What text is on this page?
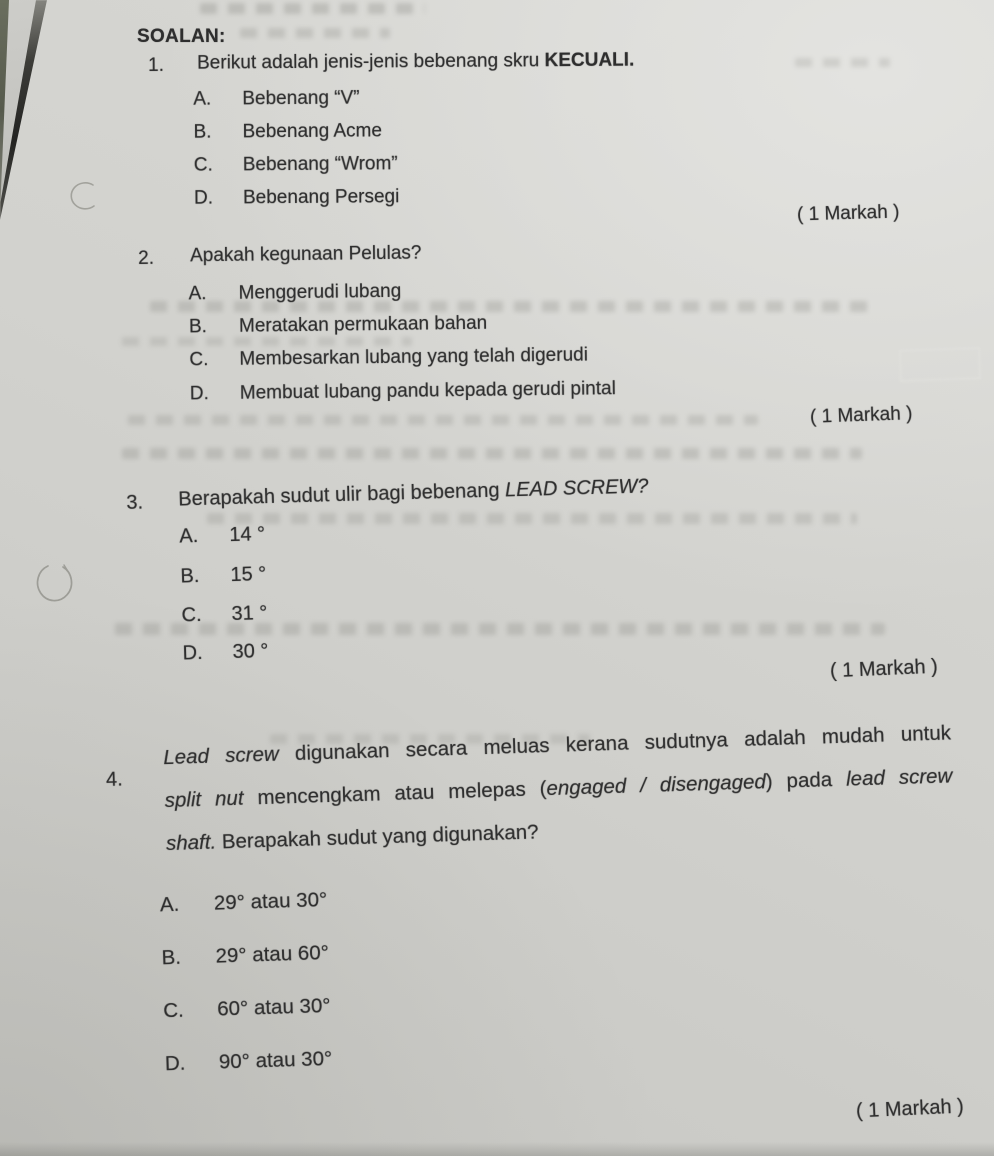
SOALAN:
1. Berikut adalah jenis-jenis bebenang skru KECUALI.
A. Bebenang “V”
B. Bebenang Acme
C. Bebenang “Wrom”
D. Bebenang Persegi
( 1 Markah )
2. Apakah kegunaan Pelulas?
A. Menggerudi lubang
B. Meratakan permukaan bahan
C. Membesarkan lubang yang telah digerudi
D. Membuat lubang pandu kepada gerudi pintal
( 1 Markah )
3. Berapakah sudut ulir bagi bebenang LEAD SCREW?
A. 14 °
B. 15 °
C. 31 °
D. 30 °
( 1 Markah )
4.
Lead screw digunakan secara meluas kerana sudutnya adalah mudah untuk
split nut mencengkam atau melepas (engaged / disengaged) pada lead screw
shaft. Berapakah sudut yang digunakan?
A. 29° atau 30°
B. 29° atau 60°
C. 60° atau 30°
D. 90° atau 30°
( 1 Markah )
